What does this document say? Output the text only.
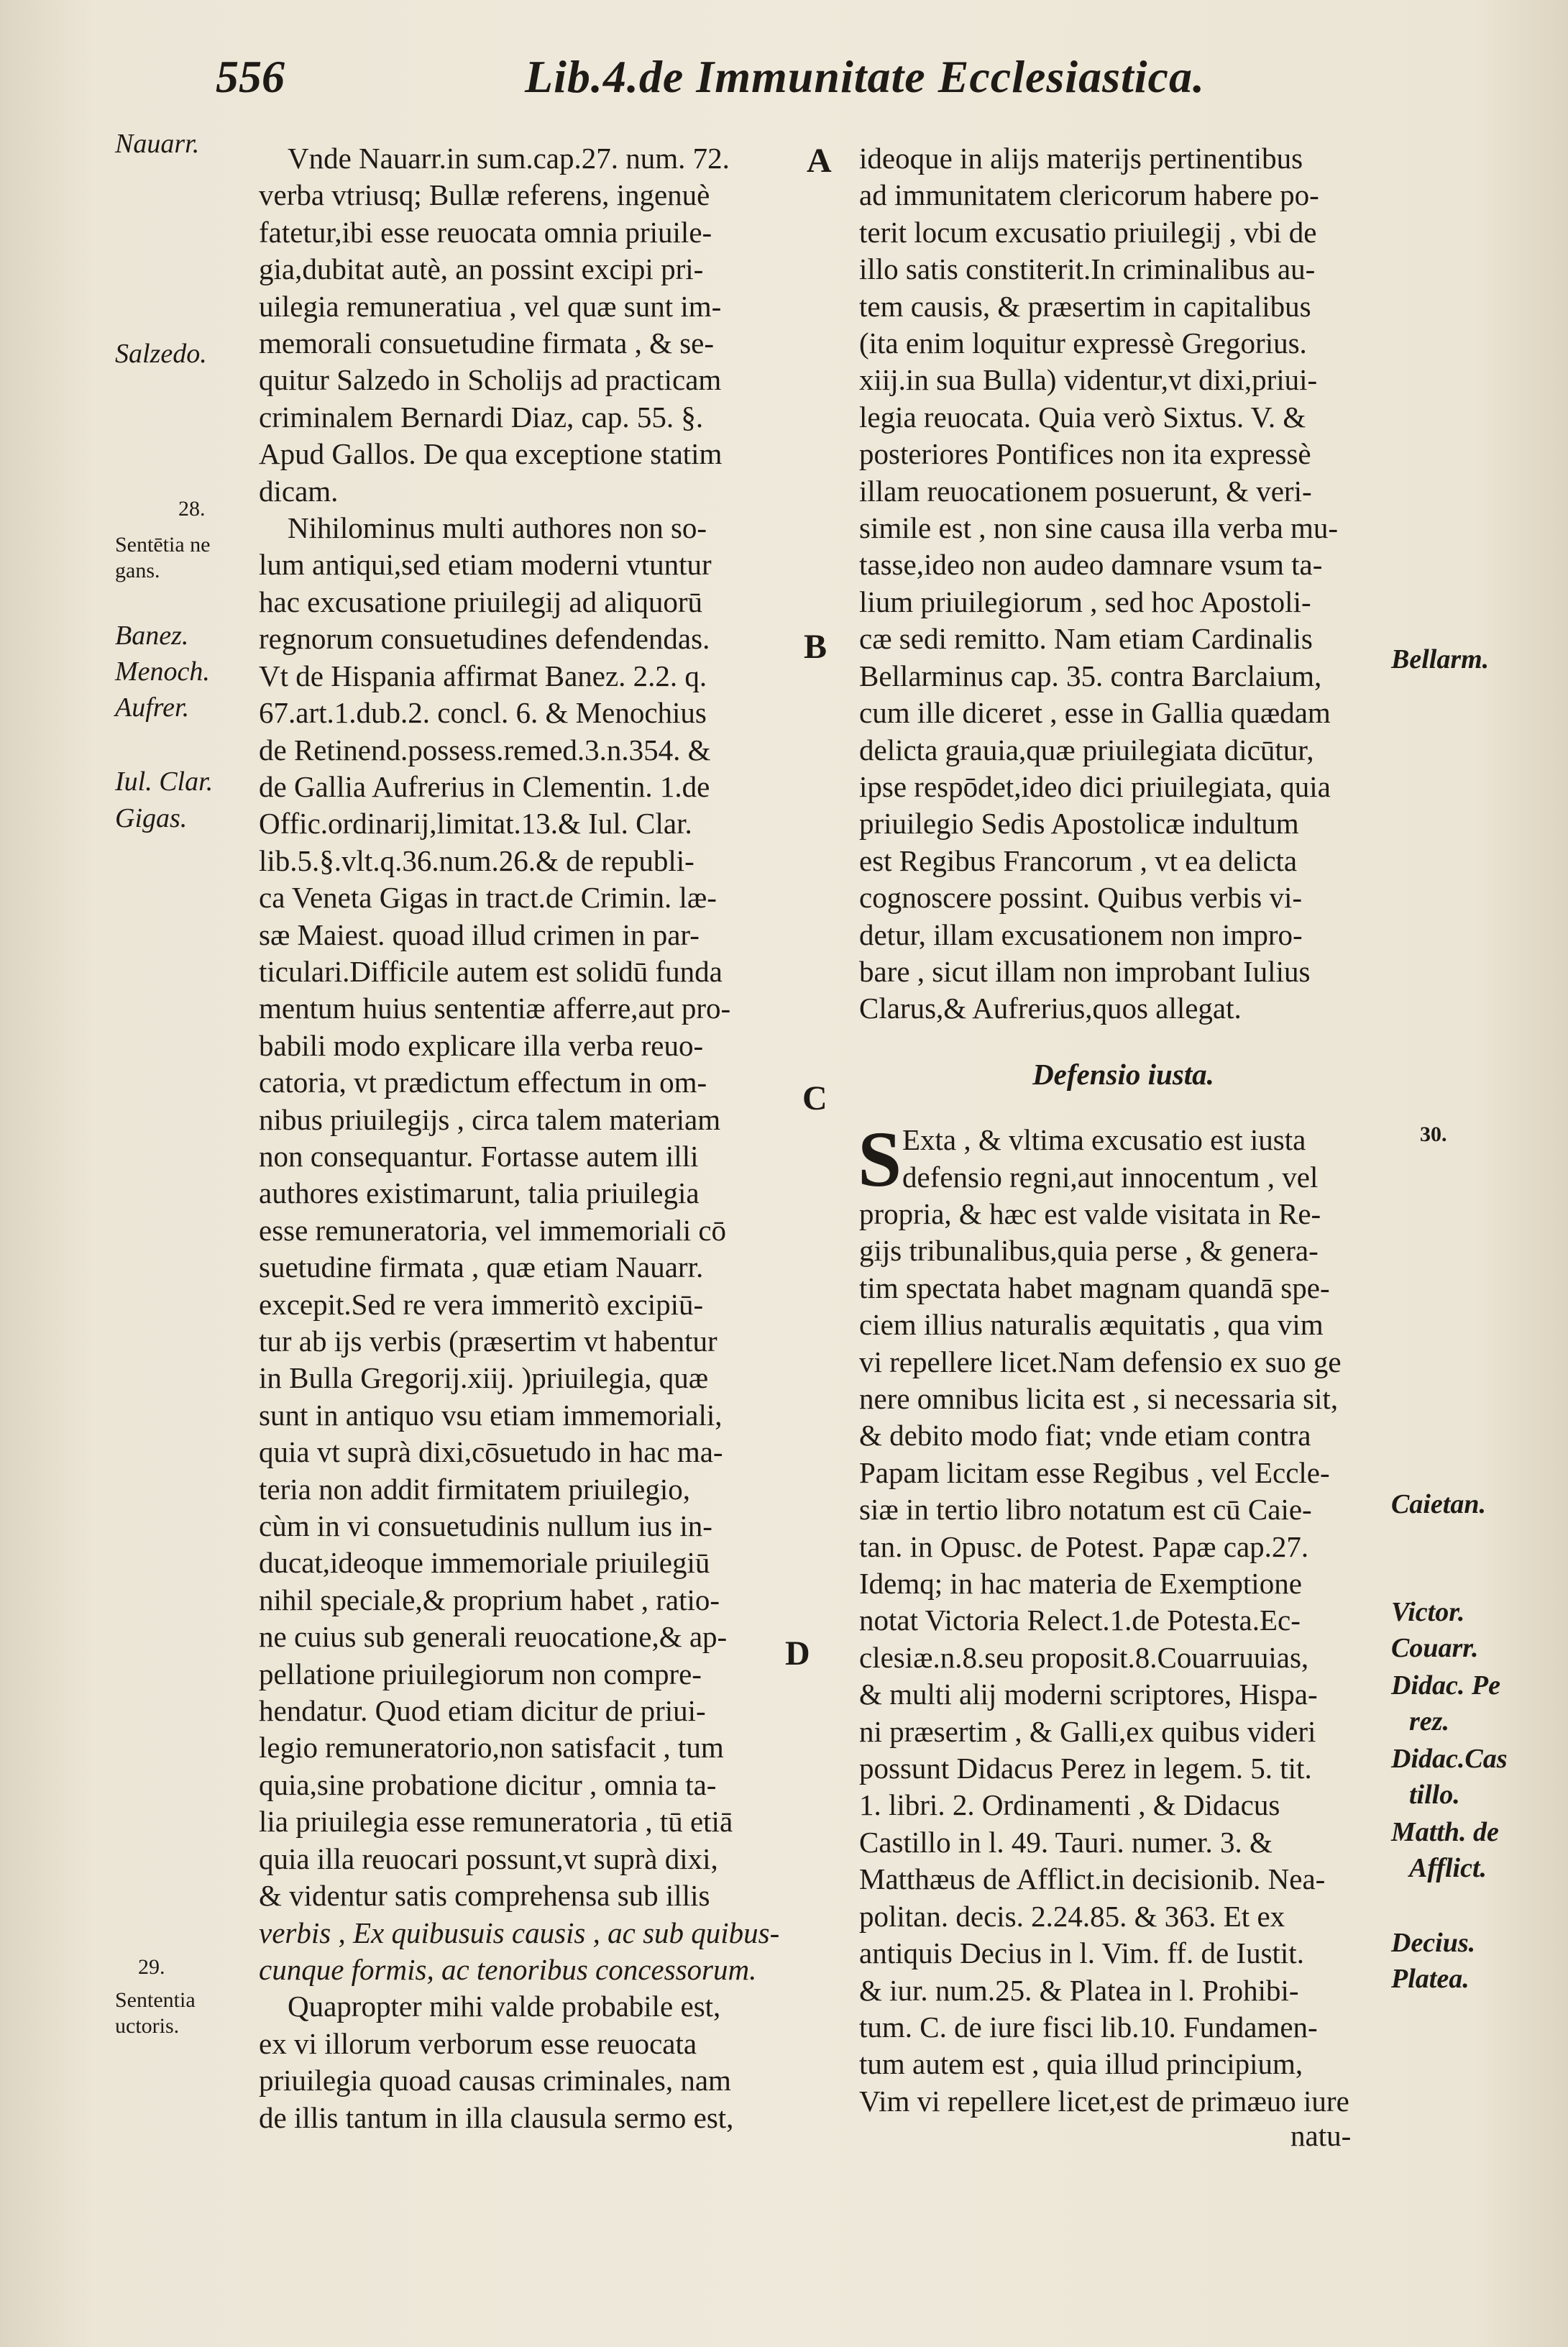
556	Lib.4.de Immunitate Ecclesiastica.
Nauarr.
Salzedo.
28.
Sentētia ne
gans.
Banez.
Menoch.
Aufrer.
Iul. Clar.
Gigas.
29.
Sententia
uctoris.
A
B
C
D
Vnde Nauarr.in sum.cap.27. num. 72.
verba vtriusq; Bullæ referens, ingenuè
fatetur,ibi esse reuocata omnia priuile-
gia,dubitat autè, an possint excipi pri-
uilegia remuneratiua , vel quæ sunt im-
memorali consuetudine firmata , & se-
quitur Salzedo in Scholijs ad practicam
criminalem Bernardi Diaz, cap. 55. §.
Apud Gallos. De qua exceptione statim
dicam.
Nihilominus multi authores non so-
lum antiqui,sed etiam moderni vtuntur
hac excusatione priuilegij ad aliquorū
regnorum consuetudines defendendas.
Vt de Hispania affirmat Banez. 2.2. q.
67.art.1.dub.2. concl. 6. & Menochius
de Retinend.possess.remed.3.n.354. &
de Gallia Aufrerius in Clementin. 1.de
Offic.ordinarij,limitat.13.& Iul. Clar.
lib.5.§.vlt.q.36.num.26.& de republi-
ca Veneta Gigas in tract.de Crimin. læ-
sæ Maiest. quoad illud crimen in par-
ticulari.Difficile autem est solidū funda
mentum huius sententiæ afferre,aut pro-
babili modo explicare illa verba reuo-
catoria, vt prædictum effectum in om-
nibus priuilegijs , circa talem materiam
non consequantur. Fortasse autem illi
authores existimarunt, talia priuilegia
esse remuneratoria, vel immemoriali cō
suetudine firmata , quæ etiam Nauarr.
excepit.Sed re vera immeritò excipiū-
tur ab ijs verbis (præsertim vt habentur
in Bulla Gregorij.xiij. )priuilegia, quæ
sunt in antiquo vsu etiam immemoriali,
quia vt suprà dixi,cōsuetudo in hac ma-
teria non addit firmitatem priuilegio,
cùm in vi consuetudinis nullum ius in-
ducat,ideoque immemoriale priuilegiū
nihil speciale,& proprium habet , ratio-
ne cuius sub generali reuocatione,& ap-
pellatione priuilegiorum non compre-
hendatur. Quod etiam dicitur de priui-
legio remuneratorio,non satisfacit , tum
quia,sine probatione dicitur , omnia ta-
lia priuilegia esse remuneratoria , tū etiā
quia illa reuocari possunt,vt suprà dixi,
& videntur satis comprehensa sub illis
verbis , Ex quibusuis causis , ac sub quibus-
cunque formis, ac tenoribus concessorum.
Quapropter mihi valde probabile est,
ex vi illorum verborum esse reuocata
priuilegia quoad causas criminales, nam
de illis tantum in illa clausula sermo est,
ideoque in alijs materijs pertinentibus
ad immunitatem clericorum habere po-
terit locum excusatio priuilegij , vbi de
illo satis constiterit.In criminalibus au-
tem causis, & præsertim in capitalibus
(ita enim loquitur expressè Gregorius.
xiij.in sua Bulla) videntur,vt dixi,priui-
legia reuocata. Quia verò Sixtus. V. &
posteriores Pontifices non ita expressè
illam reuocationem posuerunt, & veri-
simile est , non sine causa illa verba mu-
tasse,ideo non audeo damnare vsum ta-
lium priuilegiorum , sed hoc Apostoli-
cæ sedi remitto. Nam etiam Cardinalis
Bellarminus cap. 35. contra Barclaium,
cum ille diceret , esse in Gallia quædam
delicta grauia,quæ priuilegiata dicūtur,
ipse respōdet,ideo dici priuilegiata, quia
priuilegio Sedis Apostolicæ indultum
est Regibus Francorum , vt ea delicta
cognoscere possint. Quibus verbis vi-
detur, illam excusationem non impro-
bare , sicut illam non improbant Iulius
Clarus,& Aufrerius,quos allegat.
Defensio iusta.
S Exta , & vltima excusatio est iusta
defensio regni,aut innocentum , vel
propria, & hæc est valde visitata in Re-
gijs tribunalibus,quia perse , & genera-
tim spectata habet magnam quandā spe-
ciem illius naturalis æquitatis , qua vim
vi repellere licet.Nam defensio ex suo ge
nere omnibus licita est , si necessaria sit,
& debito modo fiat; vnde etiam contra
Papam licitam esse Regibus , vel Eccle-
siæ in tertio libro notatum est cū Caie-
tan. in Opusc. de Potest. Papæ cap.27.
Idemq; in hac materia de Exemptione
notat Victoria Relect.1.de Potesta.Ec-
clesiæ.n.8.seu proposit.8.Couarruuias,
& multi alij moderni scriptores, Hispa-
ni præsertim , & Galli,ex quibus videri
possunt Didacus Perez in legem. 5. tit.
1. libri. 2. Ordinamenti , & Didacus
Castillo in l. 49. Tauri. numer. 3. &
Matthæus de Afflict.in decisionib. Nea-
politan. decis. 2.24.85. & 363. Et ex
antiquis Decius in l. Vim. ff. de Iustit.
& iur. num.25. & Platea in l. Prohibi-
tum. C. de iure fisci lib.10. Fundamen-
tum autem est , quia illud principium,
Vim vi repellere licet,est de primæuo iure
natu-
Bellarm.
30.
Caietan.
Victor.
Couarr.
Didac. Pe
rez.
Didac.Cas
tillo.
Matth. de
Afflict.
Decius.
Platea.
